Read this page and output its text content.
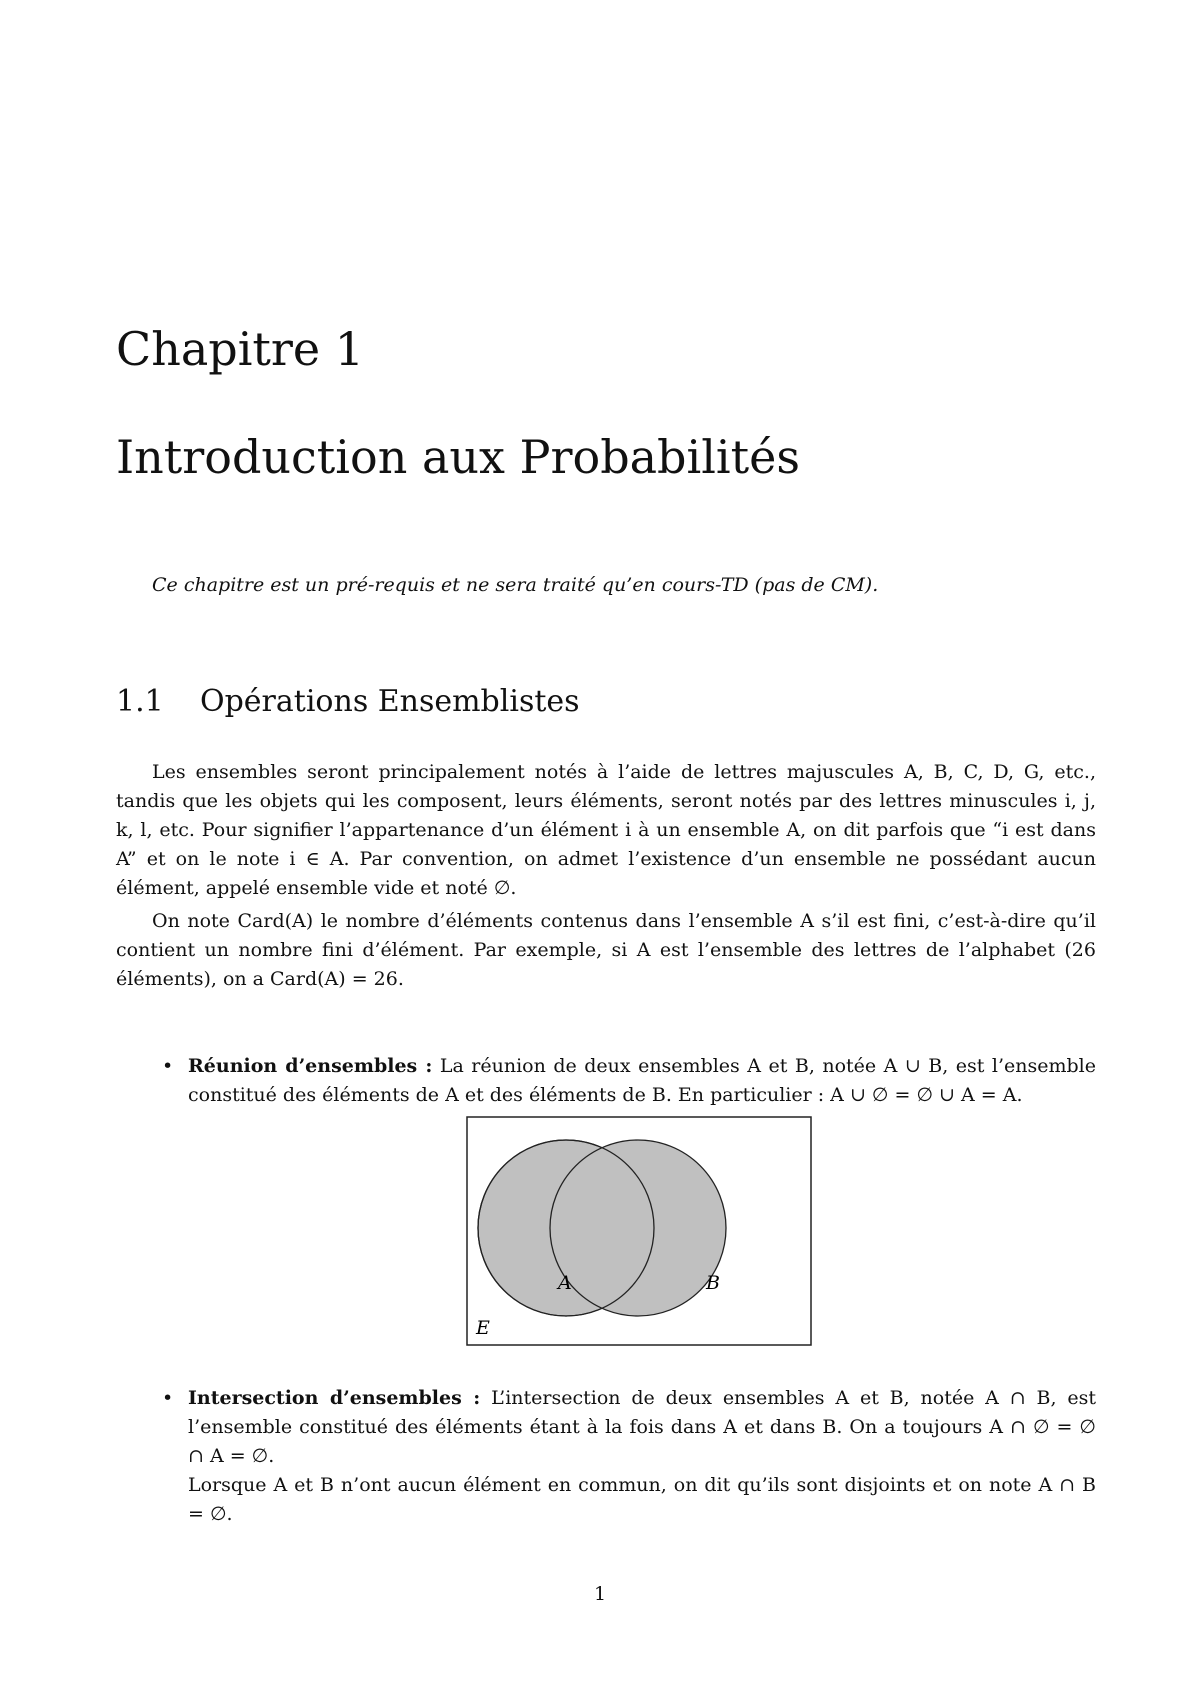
Chapitre 1
Introduction aux Probabilités

Ce chapitre est un pré-requis et ne sera traité qu’en cours-TD (pas de CM).

1.1 Opérations Ensemblistes

Les ensembles seront principalement notés à l’aide de lettres majuscules A, B, C, D, G, etc., tandis que les objets qui les composent, leurs éléments, seront notés par des lettres minuscules i, j, k, l, etc. Pour signifier l’appartenance d’un élément i à un ensemble A, on dit parfois que “i est dans A” et on le note i ∈ A. Par convention, on admet l’existence d’un ensemble ne possédant aucun élément, appelé ensemble vide et noté ∅.

On note Card(A) le nombre d’éléments contenus dans l’ensemble A s’il est fini, c’est-à-dire qu’il contient un nombre fini d’élément. Par exemple, si A est l’ensemble des lettres de l’alphabet (26 éléments), on a Card(A) = 26.

• Réunion d’ensembles : La réunion de deux ensembles A et B, notée A ∪ B, est l’ensemble constitué des éléments de A et des éléments de B. En particulier : A ∪ ∅ = ∅ ∪ A = A.
A	B
E
• Intersection d’ensembles : L’intersection de deux ensembles A et B, notée A ∩ B, est l’ensemble constitué des éléments étant à la fois dans A et dans B. On a toujours A ∩ ∅ = ∅ ∩ A = ∅.
Lorsque A et B n’ont aucun élément en commun, on dit qu’ils sont disjoints et on note A ∩ B = ∅.
1
